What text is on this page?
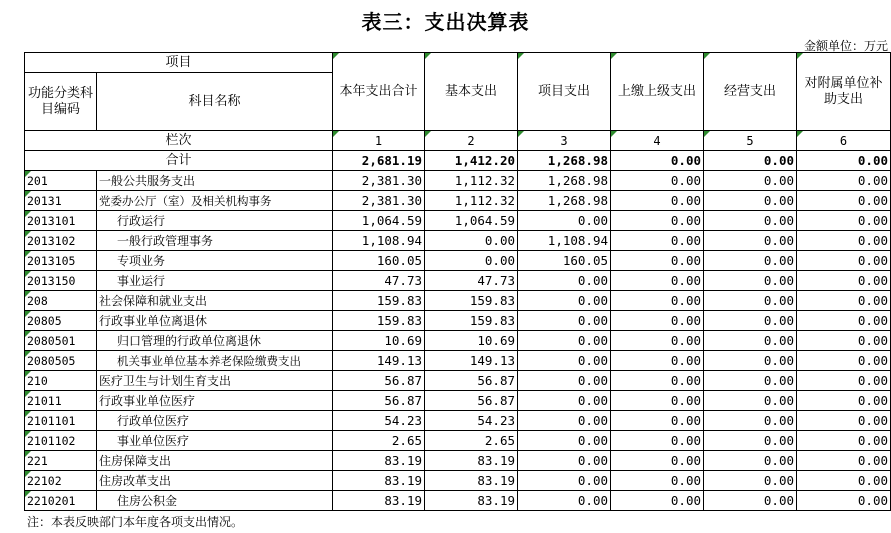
表三：支出决算表
金额单位：万元
项目		本年支出合计	基本支出	项目支出	上缴上级支出	经营支出	对附属单位补助支出
功能分类科目编码	科目名称						
栏次		1	2	3	4	5	6
合计		2,681.19	1,412.20	1,268.98	0.00	0.00	0.00
201	一般公共服务支出	2,381.30	1,112.32	1,268.98	0.00	0.00	0.00
20131	党委办公厅（室）及相关机构事务	2,381.30	1,112.32	1,268.98	0.00	0.00	0.00
2013101	行政运行	1,064.59	1,064.59	0.00	0.00	0.00	0.00
2013102	一般行政管理事务	1,108.94	0.00	1,108.94	0.00	0.00	0.00
2013105	专项业务	160.05	0.00	160.05	0.00	0.00	0.00
2013150	事业运行	47.73	47.73	0.00	0.00	0.00	0.00
208	社会保障和就业支出	159.83	159.83	0.00	0.00	0.00	0.00
20805	行政事业单位离退休	159.83	159.83	0.00	0.00	0.00	0.00
2080501	归口管理的行政单位离退休	10.69	10.69	0.00	0.00	0.00	0.00
2080505	机关事业单位基本养老保险缴费支出	149.13	149.13	0.00	0.00	0.00	0.00
210	医疗卫生与计划生育支出	56.87	56.87	0.00	0.00	0.00	0.00
21011	行政事业单位医疗	56.87	56.87	0.00	0.00	0.00	0.00
2101101	行政单位医疗	54.23	54.23	0.00	0.00	0.00	0.00
2101102	事业单位医疗	2.65	2.65	0.00	0.00	0.00	0.00
221	住房保障支出	83.19	83.19	0.00	0.00	0.00	0.00
22102	住房改革支出	83.19	83.19	0.00	0.00	0.00	0.00
2210201	住房公积金	83.19	83.19	0.00	0.00	0.00	0.00
注：本表反映部门本年度各项支出情况。
